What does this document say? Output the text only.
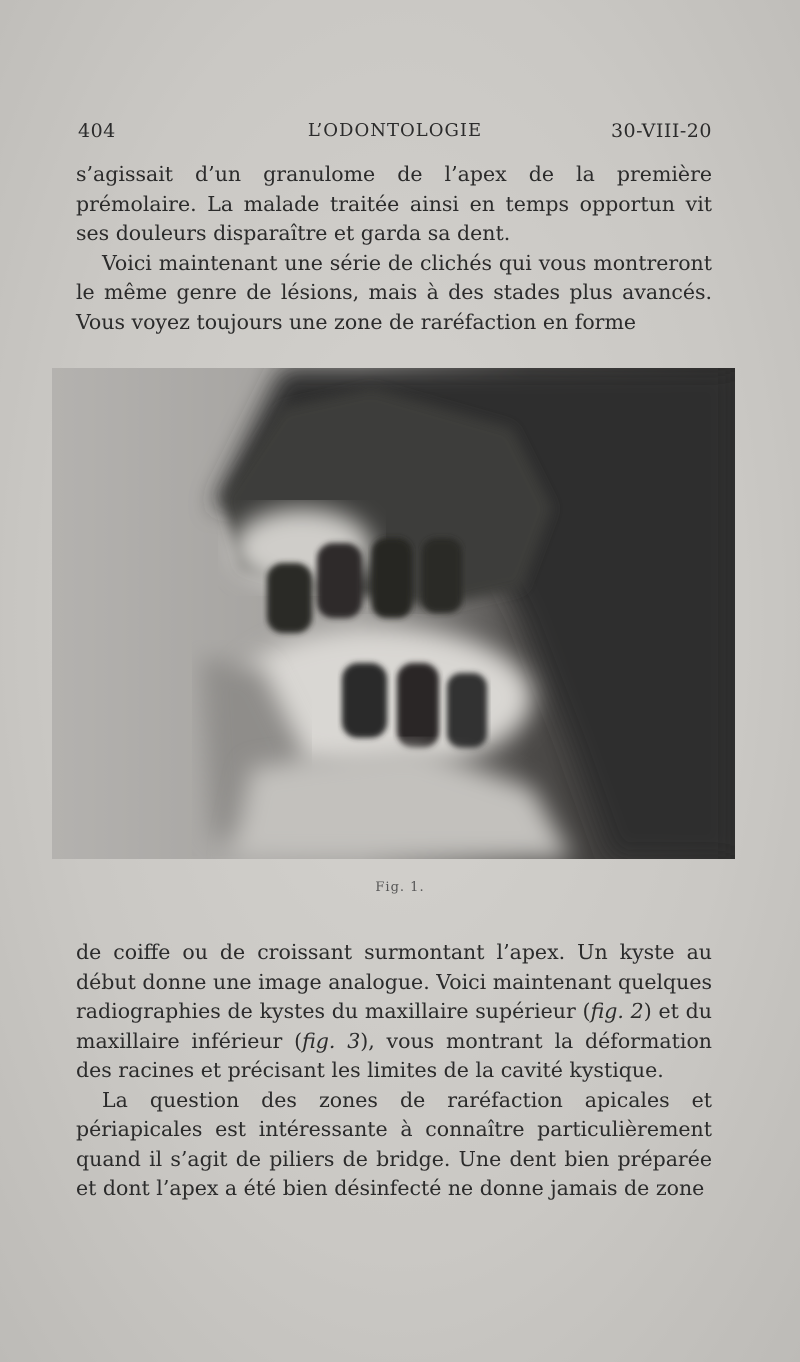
404	L’ODONTOLOGIE	30-VIII-20

s’agissait d’un granulome de l’apex de la première prémolaire. La malade traitée ainsi en temps opportun vit ses douleurs disparaître et garda sa dent.

Voici maintenant une série de clichés qui vous montreront le même genre de lésions, mais à des stades plus avancés. Vous voyez toujours une zone de raréfaction en forme

Fig. 1.

de coiffe ou de croissant surmontant l’apex. Un kyste au début donne une image analogue. Voici maintenant quelques radiographies de kystes du maxillaire supérieur (fig. 2) et du maxillaire inférieur (fig. 3), vous montrant la déformation des racines et précisant les limites de la cavité kystique.

La question des zones de raréfaction apicales et périapicales est intéressante à connaître particulièrement quand il s’agit de piliers de bridge. Une dent bien préparée et dont l’apex a été bien désinfecté ne donne jamais de zone
